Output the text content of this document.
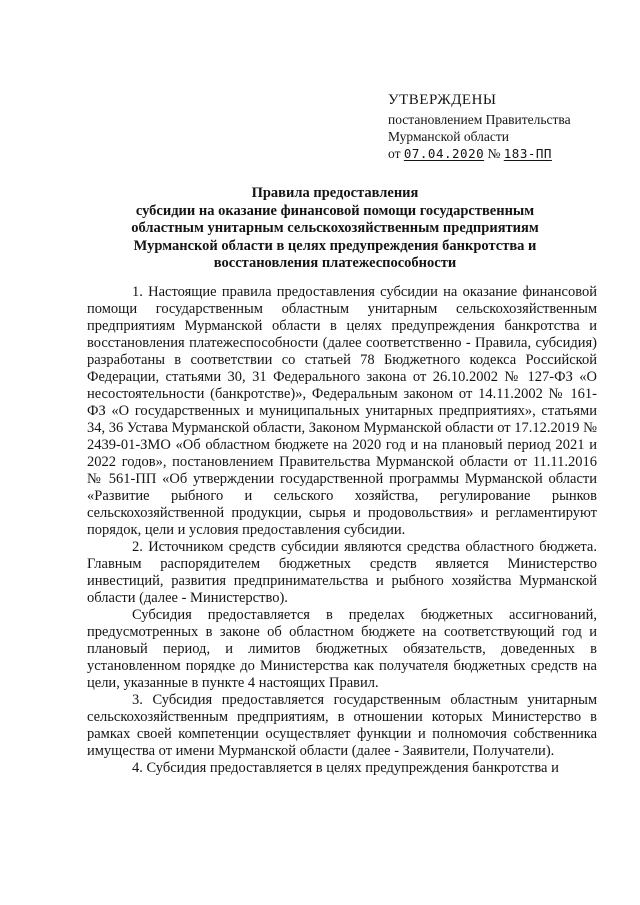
УТВЕРЖДЕНЫ
постановлением Правительства
Мурманской области
от 07.04.2020 № 183-ПП
Правила предоставления
субсидии на оказание финансовой помощи государственным
областным унитарным сельскохозяйственным предприятиям
Мурманской области в целях предупреждения банкротства и
восстановления платежеспособности

1. Настоящие правила предоставления субсидии на оказание финансовой помощи государственным областным унитарным сельскохозяйственным предприятиям Мурманской области в целях предупреждения банкротства и восстановления платежеспособности (далее соответственно - Правила, субсидия) разработаны в соответствии со статьей 78 Бюджетного кодекса Российской Федерации, статьями 30, 31 Федерального закона от 26.10.2002 № 127-ФЗ «О несостоятельности (банкротстве)», Федеральным законом от 14.11.2002 № 161-ФЗ «О государственных и муниципальных унитарных предприятиях», статьями 34, 36 Устава Мурманской области, Законом Мурманской области от 17.12.2019 № 2439-01-ЗМО «Об областном бюджете на 2020 год и на плановый период 2021 и 2022 годов», постановлением Правительства Мурманской области от 11.11.2016 № 561-ПП «Об утверждении государственной программы Мурманской области «Развитие рыбного и сельского хозяйства, регулирование рынков сельскохозяйственной продукции, сырья и продовольствия» и регламентируют порядок, цели и условия предоставления субсидии.

2. Источником средств субсидии являются средства областного бюджета. Главным распорядителем бюджетных средств является Министерство инвестиций, развития предпринимательства и рыбного хозяйства Мурманской области (далее - Министерство).

Субсидия предоставляется в пределах бюджетных ассигнований, предусмотренных в законе об областном бюджете на соответствующий год и плановый период, и лимитов бюджетных обязательств, доведенных в установленном порядке до Министерства как получателя бюджетных средств на цели, указанные в пункте 4 настоящих Правил.

3. Субсидия предоставляется государственным областным унитарным сельскохозяйственным предприятиям, в отношении которых Министерство в рамках своей компетенции осуществляет функции и полномочия собственника имущества от имени Мурманской области (далее - Заявители, Получатели).

4. Субсидия предоставляется в целях предупреждения банкротства и
